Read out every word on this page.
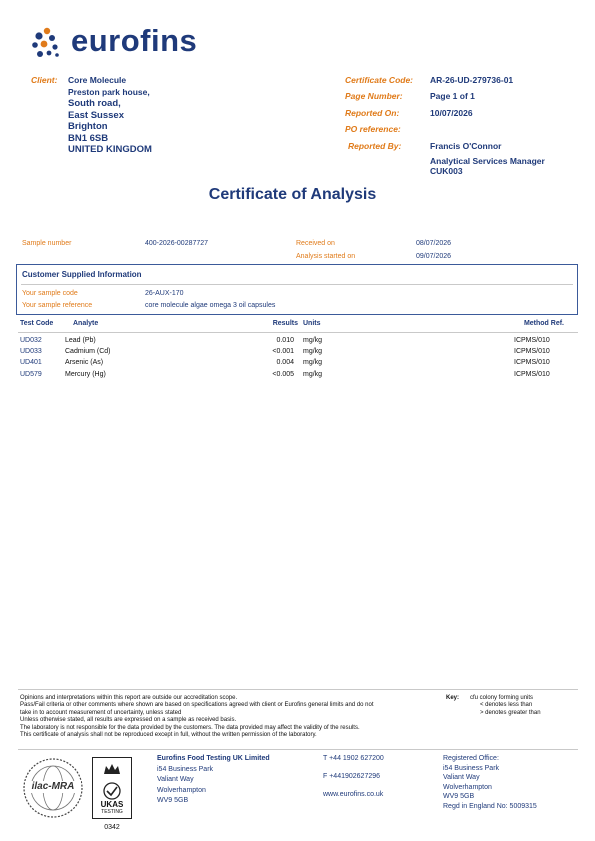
eurofins
Client: Core Molecule
Preston park house,
South road,
East Sussex
Brighton
BN1 6SB
UNITED KINGDOM
Certificate Code: AR-26-UD-279736-01
Page Number:	Page 1 of 1
Reported On:	10/07/2026
PO reference:
Reported By:	Francis O'Connor
Analytical Services Manager
CUK003
Certificate of Analysis
Sample number	400-2026-00287727	Received on	08/07/2026
Analysis started on	09/07/2026
Customer Supplied Information
Your sample code	26-AUX-170
Your sample reference	core molecule algae omega 3 oil capsules
Test Code	Analyte	Results Units	Method Ref.
UD032	Lead (Pb)	0.010 mg/kg	ICPMS/010
UD033	Cadmium (Cd)	<0.001 mg/kg	ICPMS/010
UD401	Arsenic (As)	0.004 mg/kg	ICPMS/010
UD579	Mercury (Hg)	<0.005 mg/kg	ICPMS/010
Opinions and interpretations within this report are outside our accreditation scope.
Pass/Fail criteria or other comments where shown are based on specifications agreed with client or Eurofins general limits and do not
take in to account measurement of uncertainty, unless stated
Unless otherwise stated, all results are expressed on a sample as received basis.
The laboratory is not responsible for the data provided by the customers. The data provided may affect the validity of the results.
This certificate of analysis shall not be reproduced except in full, without the written permission of the laboratory.
Key: cfu colony forming units
< denotes less than
> denotes greater than
ilac-MRA
UKAS
TESTING
0342
Eurofins Food Testing UK Limited
i54 Business Park
Valiant Way
Wolverhampton
WV9 5GB
T +44 1902 627200
F +441902627296
www.eurofins.co.uk
Registered Office:
i54 Business Park
Valiant Way
Wolverhampton
WV9 5GB
Regd in England No: 5009315
